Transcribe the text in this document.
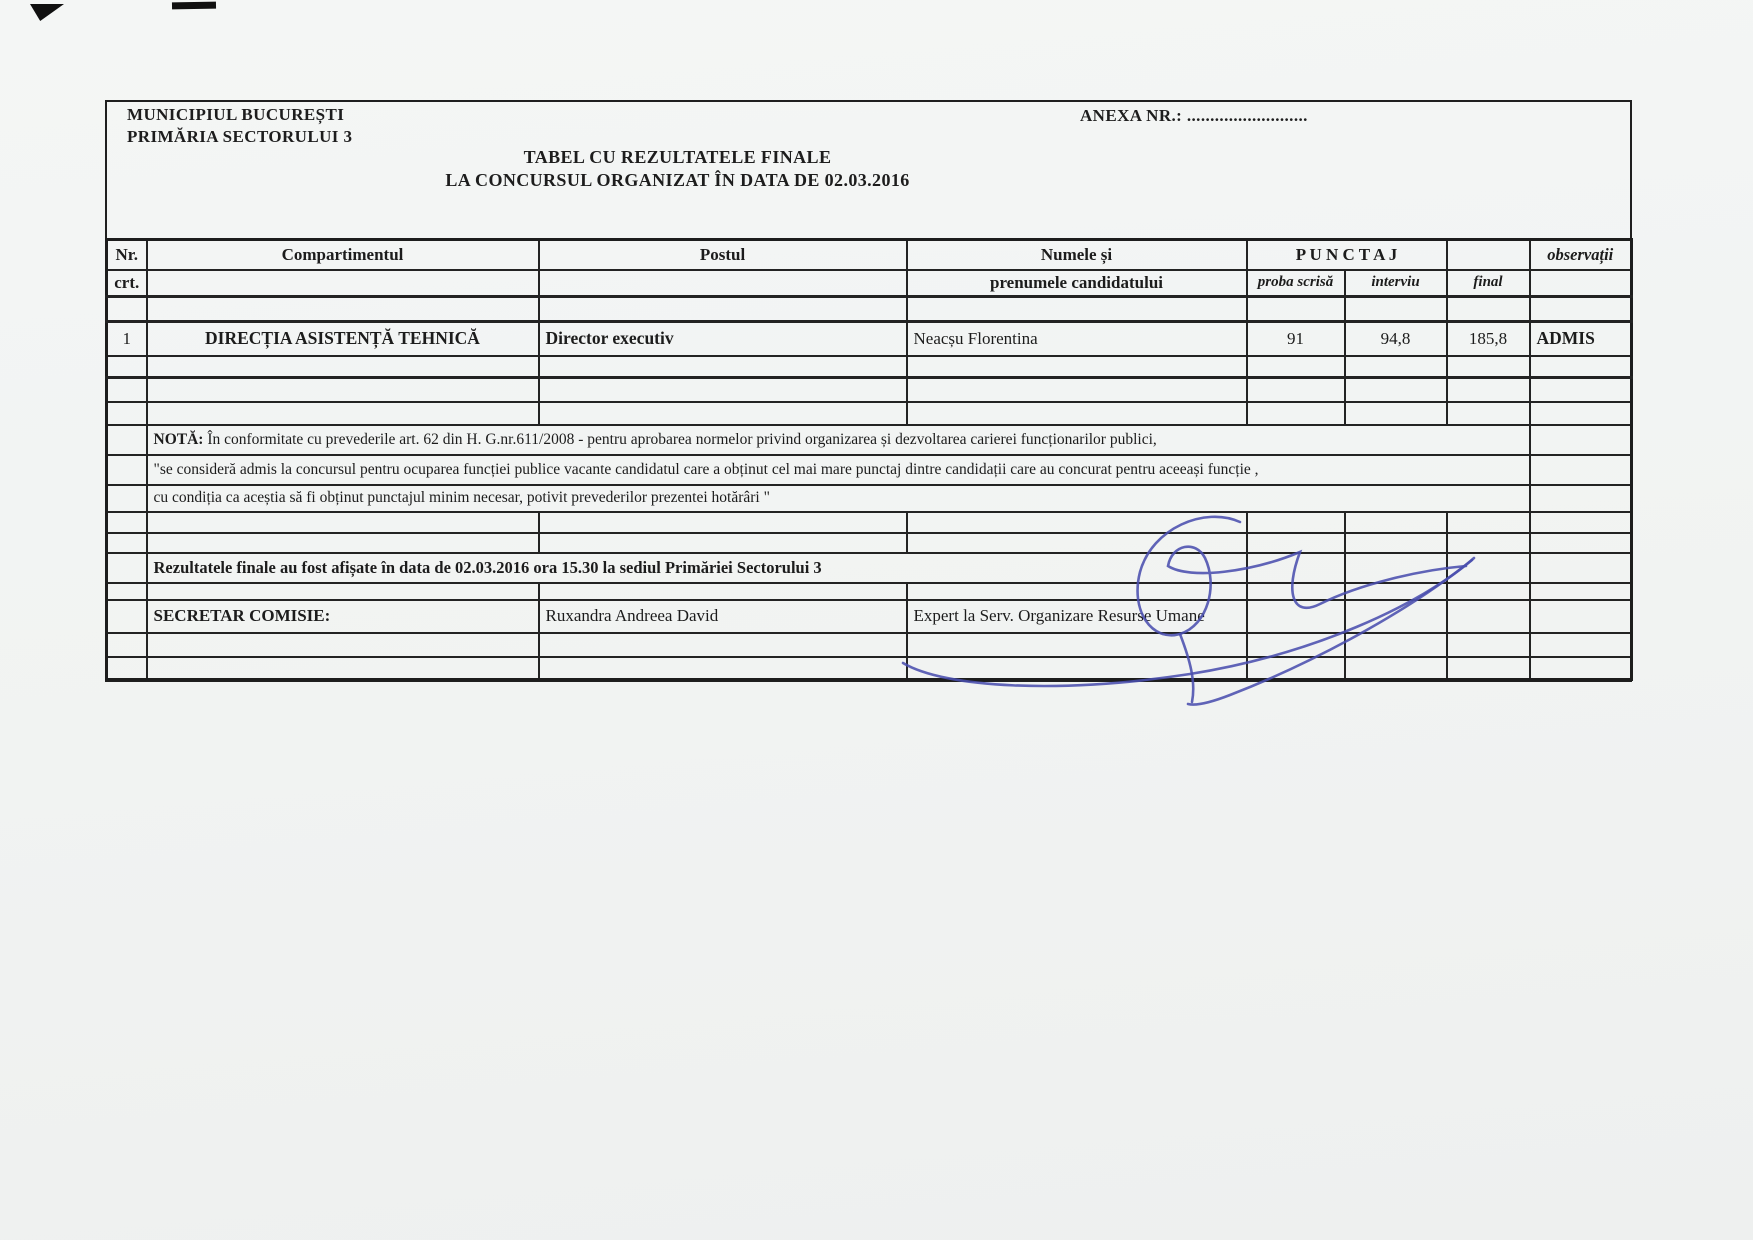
MUNICIPIUL BUCUREȘTI
PRIMĂRIA SECTORULUI 3
ANEXA NR.: ..........................
TABEL CU REZULTATELE FINALE
LA CONCURSUL ORGANIZAT ÎN DATA DE 02.03.2016
Nr.	Compartimentul	Postul	Numele și	P U N C T A J			observații
crt.			prenumele candidatului	proba scrisă	interviu	final	

1	DIRECȚIA ASISTENȚĂ TEHNICĂ	Director executiv	Neacșu Florentina	91	94,8	185,8	ADMIS

	NOTĂ: În conformitate cu prevederile art. 62 din H. G.nr.611/2008 - pentru aprobarea normelor privind organizarea și dezvoltarea carierei funcționarilor publici,						
	"se consideră admis la concursul pentru ocuparea funcției publice vacante candidatul care a obținut cel mai mare punctaj dintre candidații care au concurat pentru aceeași funcție ,						
	cu condiția ca aceștia să fi obținut punctajul minim necesar, potivit prevederilor prezentei hotărâri "						

	Rezultatele finale au fost afișate în data de 02.03.2016 ora 15.30 la sediul Primăriei Sectorului 3						

	SECRETAR COMISIE:	Ruxandra Andreea David	Expert la Serv. Organizare Resurse Umane				
